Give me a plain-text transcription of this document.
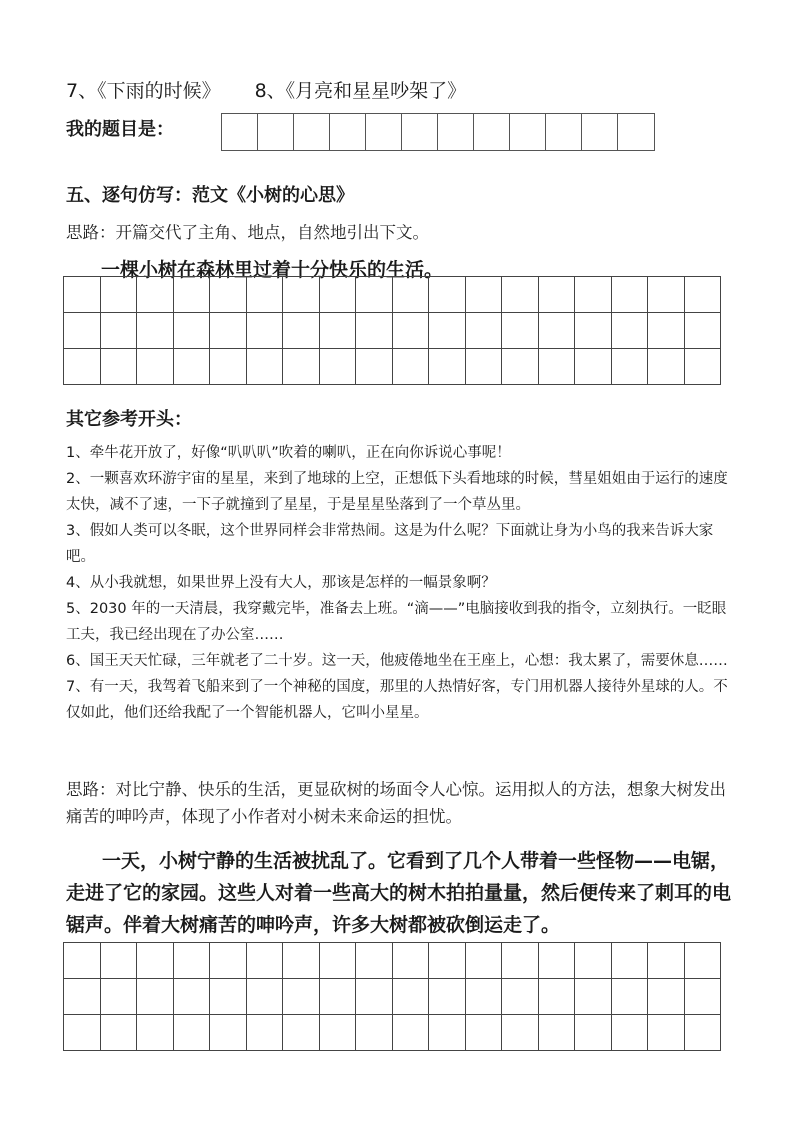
7、《下雨的时候》 8、《月亮和星星吵架了》
我的题目是：
五、逐句仿写：范文《小树的心思》
思路：开篇交代了主角、地点，自然地引出下文。
一棵小树在森林里过着十分快乐的生活。
其它参考开头：

1、牵牛花开放了，好像“叭叭叭”吹着的喇叭，正在向你诉说心事呢！

2、一颗喜欢环游宇宙的星星，来到了地球的上空，正想低下头看地球的时候，彗星姐姐由于运行的速度太快，减不了速，一下子就撞到了星星，于是星星坠落到了一个草丛里。

3、假如人类可以冬眠，这个世界同样会非常热闹。这是为什么呢？下面就让身为小鸟的我来告诉大家吧。

4、从小我就想，如果世界上没有大人，那该是怎样的一幅景象啊？

5、2030 年的一天清晨，我穿戴完毕，准备去上班。“滴——”电脑接收到我的指令，立刻执行。一眨眼工夫，我已经出现在了办公室……

6、国王天天忙碌，三年就老了二十岁。这一天，他疲倦地坐在王座上，心想：我太累了，需要休息……

7、有一天，我驾着飞船来到了一个神秘的国度，那里的人热情好客，专门用机器人接待外星球的人。不仅如此，他们还给我配了一个智能机器人，它叫小星星。

思路：对比宁静、快乐的生活，更显砍树的场面令人心惊。运用拟人的方法，想象大树发出痛苦的呻吟声，体现了小作者对小树未来命运的担忧。
一天，小树宁静的生活被扰乱了。它看到了几个人带着一些怪物——电锯，走进了它的家园。这些人对着一些高大的树木拍拍量量，然后便传来了刺耳的电锯声。伴着大树痛苦的呻吟声，许多大树都被砍倒运走了。
